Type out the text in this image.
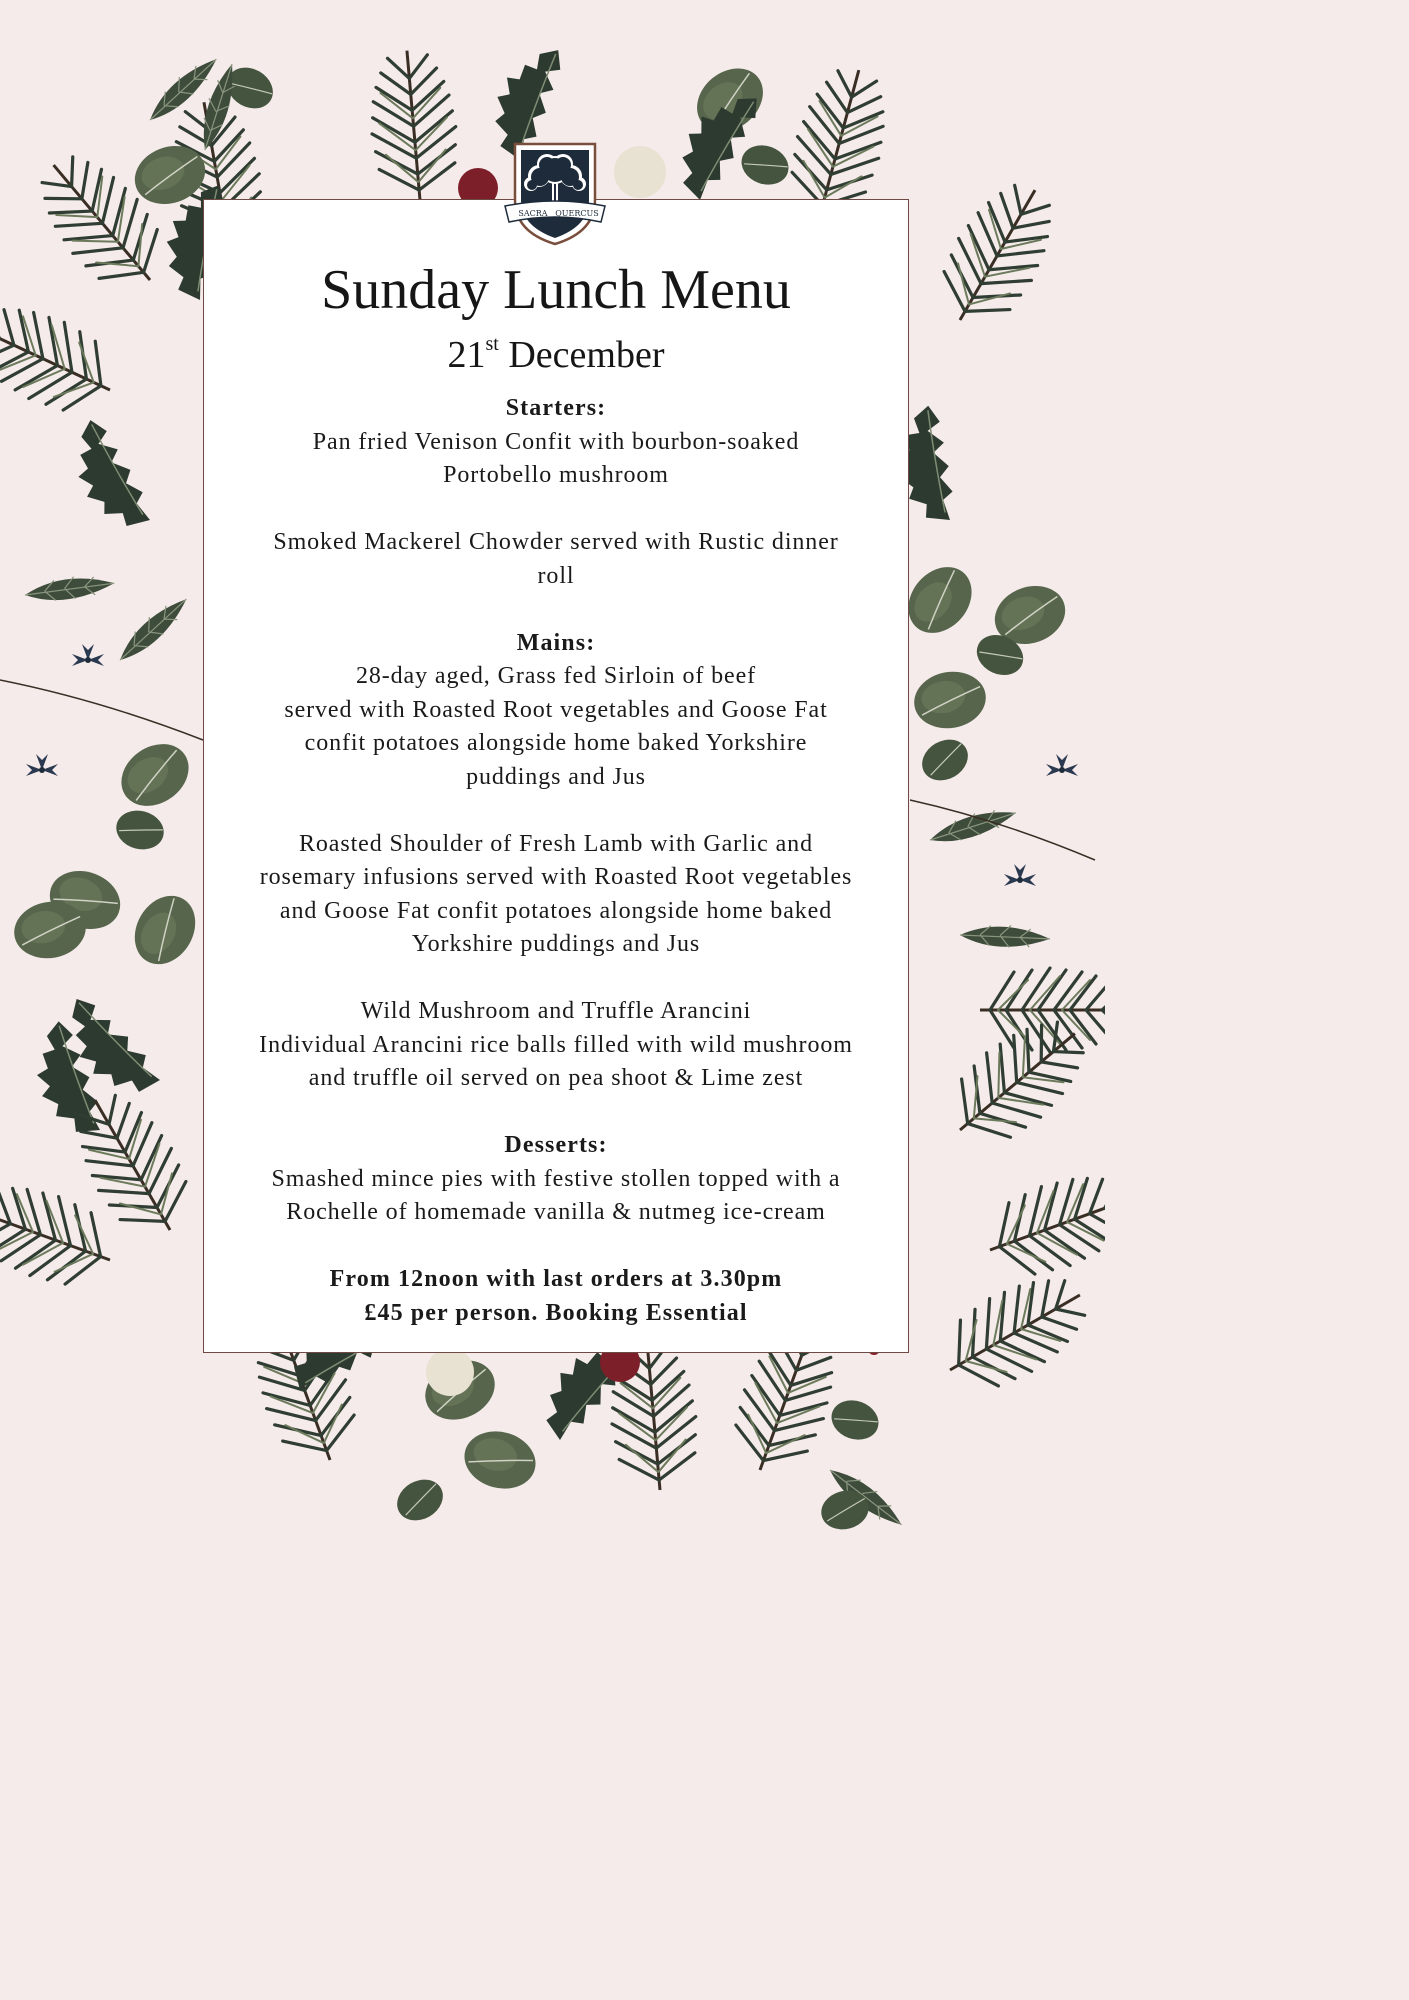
Sunday Lunch Menu
21st December
Starters:
Pan fried Venison Confit with bourbon-soaked
Portobello mushroom

Smoked Mackerel Chowder served with Rustic dinner
roll

Mains:
28-day aged, Grass fed Sirloin of beef
served with Roasted Root vegetables and Goose Fat
confit potatoes alongside home baked Yorkshire
puddings and Jus

Roasted Shoulder of Fresh Lamb with Garlic and
rosemary infusions served with Roasted Root vegetables
and Goose Fat confit potatoes alongside home baked
Yorkshire puddings and Jus

Wild Mushroom and Truffle Arancini
Individual Arancini rice balls filled with wild mushroom
and truffle oil served on pea shoot & Lime zest

Desserts:
Smashed mince pies with festive stollen topped with a
Rochelle of homemade vanilla & nutmeg ice-cream

From 12noon with last orders at 3.30pm
£45 per person. Booking Essential
SACRA QUERCUS
